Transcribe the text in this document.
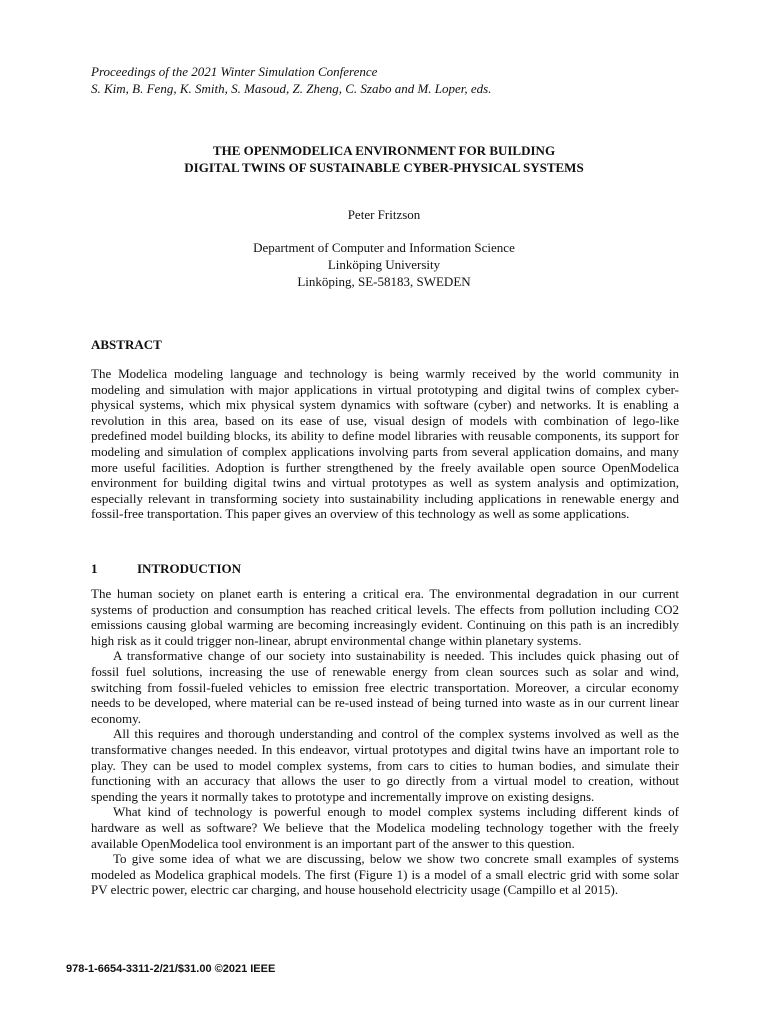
Proceedings of the 2021 Winter Simulation Conference
S. Kim, B. Feng, K. Smith, S. Masoud, Z. Zheng, C. Szabo and M. Loper, eds.
THE OPENMODELICA ENVIRONMENT FOR BUILDING
DIGITAL TWINS OF SUSTAINABLE CYBER-PHYSICAL SYSTEMS
Peter Fritzson
Department of Computer and Information Science
Linköping University
Linköping, SE-58183, SWEDEN
ABSTRACT
The Modelica modeling language and technology is being warmly received by the world community in modeling and simulation with major applications in virtual prototyping and digital twins of complex cyber-physical systems, which mix physical system dynamics with software (cyber) and networks. It is enabling a revolution in this area, based on its ease of use, visual design of models with combination of lego-like predefined model building blocks, its ability to define model libraries with reusable components, its support for modeling and simulation of complex applications involving parts from several application domains, and many more useful facilities. Adoption is further strengthened by the freely available open source OpenModelica environment for building digital twins and virtual prototypes as well as system analysis and optimization, especially relevant in transforming society into sustainability including applications in renewable energy and fossil-free transportation. This paper gives an overview of this technology as well as some applications.
1	INTRODUCTION

The human society on planet earth is entering a critical era. The environmental degradation in our current systems of production and consumption has reached critical levels. The effects from pollution including CO2 emissions causing global warming are becoming increasingly evident. Continuing on this path is an incredibly high risk as it could trigger non-linear, abrupt environmental change within planetary systems.

A transformative change of our society into sustainability is needed. This includes quick phasing out of fossil fuel solutions, increasing the use of renewable energy from clean sources such as solar and wind, switching from fossil-fueled vehicles to emission free electric transportation. Moreover, a circular economy needs to be developed, where material can be re-used instead of being turned into waste as in our current linear economy.

All this requires and thorough understanding and control of the complex systems involved as well as the transformative changes needed. In this endeavor, virtual prototypes and digital twins have an important role to play. They can be used to model complex systems, from cars to cities to human bodies, and simulate their functioning with an accuracy that allows the user to go directly from a virtual model to creation, without spending the years it normally takes to prototype and incrementally improve on existing designs.

What kind of technology is powerful enough to model complex systems including different kinds of hardware as well as software? We believe that the Modelica modeling technology together with the freely available OpenModelica tool environment is an important part of the answer to this question.

To give some idea of what we are discussing, below we show two concrete small examples of systems modeled as Modelica graphical models. The first (Figure 1) is a model of a small electric grid with some solar PV electric power, electric car charging, and house household electricity usage (Campillo et al 2015).

978-1-6654-3311-2/21/$31.00 ©2021 IEEE
